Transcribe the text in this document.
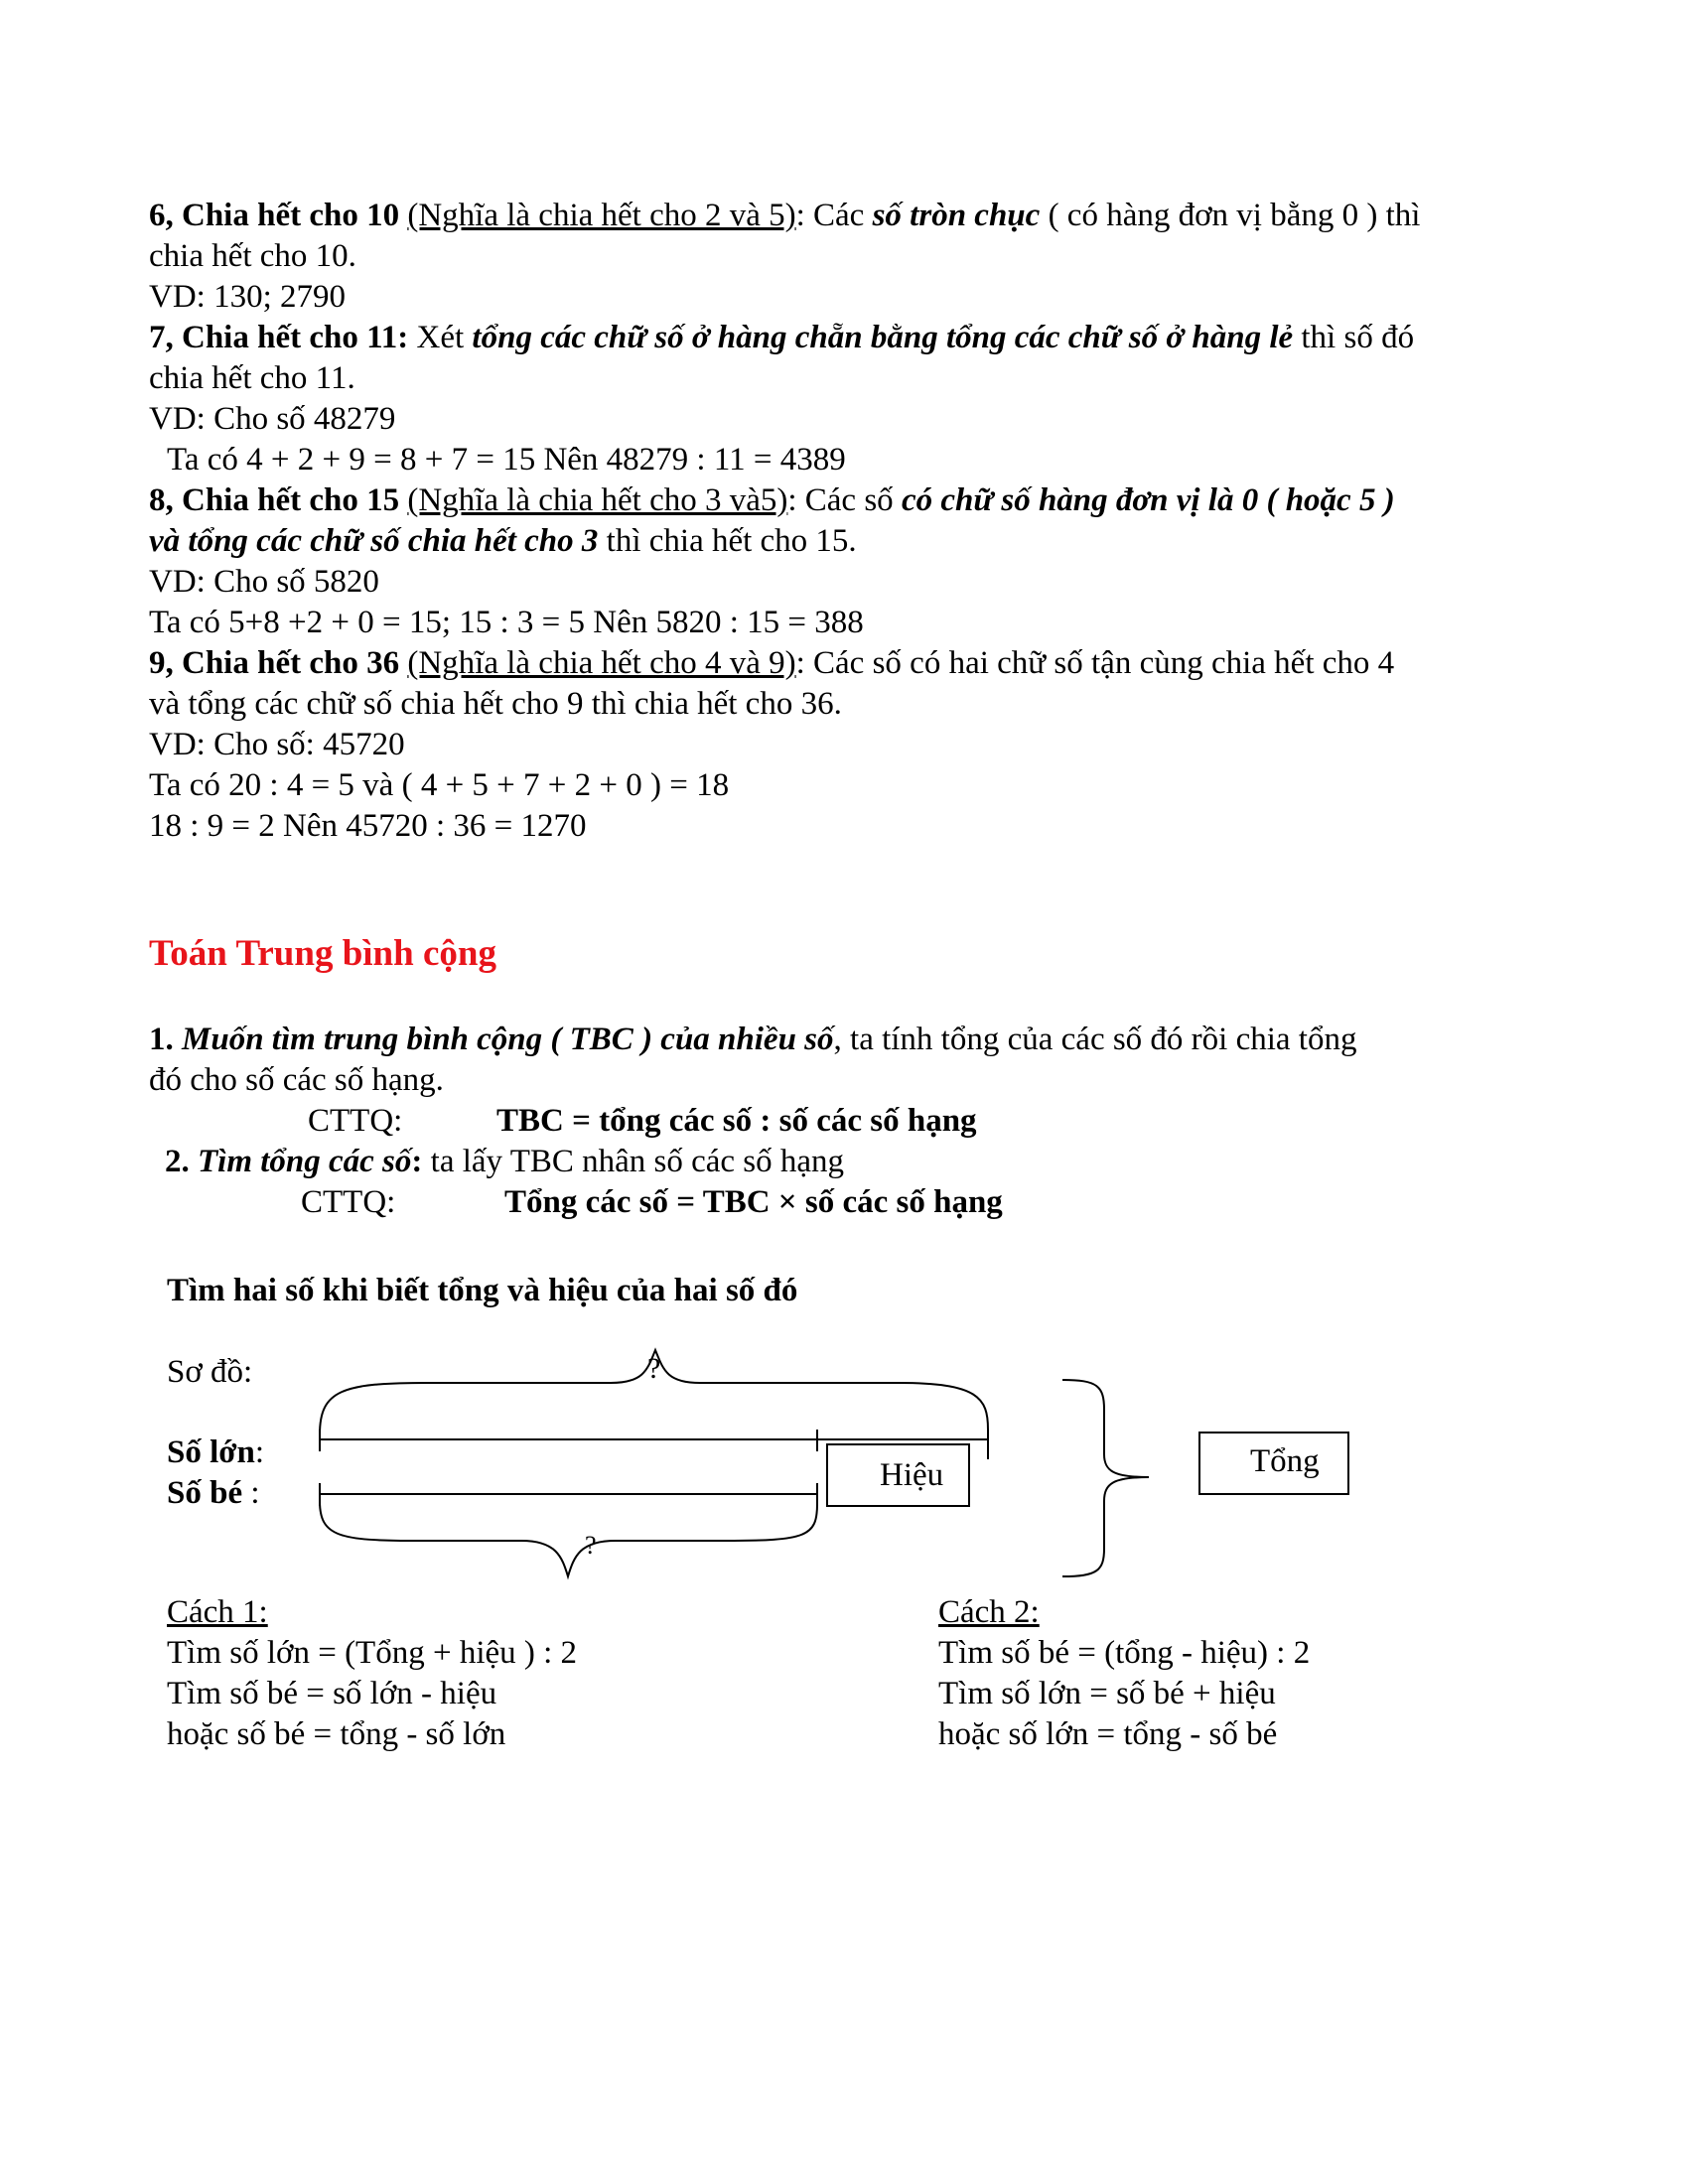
6, Chia hết cho 10 (Nghĩa là chia hết cho 2 và 5): Các số tròn chục ( có hàng đơn vị bằng 0 ) thì
chia hết cho 10.
VD: 130; 2790
7, Chia hết cho 11: Xét tổng các chữ số ở hàng chẵn bằng tổng các chữ số ở hàng lẻ thì số đó
chia hết cho 11.
VD: Cho số 48279
Ta có 4 + 2 + 9 = 8 + 7 = 15 Nên 48279 : 11 = 4389
8, Chia hết cho 15 (Nghĩa là chia hết cho 3 và5): Các số có chữ số hàng đơn vị là 0 ( hoặc 5 )
và tổng các chữ số chia hết cho 3 thì chia hết cho 15.
VD: Cho số 5820
Ta có 5+8 +2 + 0 = 15; 15 : 3 = 5 Nên 5820 : 15 = 388
9, Chia hết cho 36 (Nghĩa là chia hết cho 4 và 9): Các số có hai chữ số tận cùng chia hết cho 4
và tổng các chữ số chia hết cho 9 thì chia hết cho 36.
VD: Cho số: 45720
Ta có 20 : 4 = 5 và ( 4 + 5 + 7 + 2 + 0 ) = 18
18 : 9 = 2 Nên 45720 : 36 = 1270
Toán Trung bình cộng
1. Muốn tìm trung bình cộng ( TBC ) của nhiều số, ta tính tổng của các số đó rồi chia tổng
đó cho số các số hạng.
CTTQ:	TBC = tổng các số : số các số hạng
2. Tìm tổng các số: ta lấy TBC nhân số các số hạng
CTTQ:	Tổng các số = TBC × số các số hạng
Tìm hai số khi biết tổng và hiệu của hai số đó
Sơ đồ:
Số lớn:
Số bé :
?
?
Hiệu	Tổng
Cách 1:
Tìm số lớn = (Tổng + hiệu ) : 2
Tìm số bé = số lớn - hiệu
hoặc số bé = tổng - số lớn
Cách 2:
Tìm số bé = (tổng - hiệu) : 2
Tìm số lớn = số bé + hiệu
hoặc số lớn = tổng - số bé
